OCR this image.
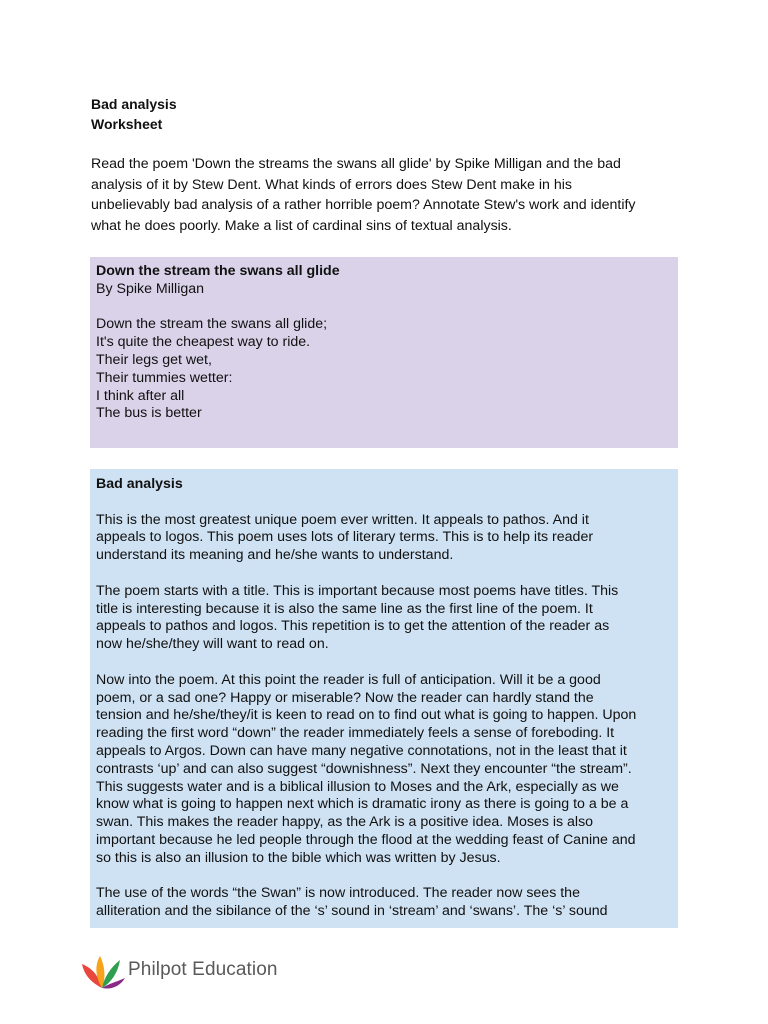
Bad analysis
Worksheet
Read the poem 'Down the streams the swans all glide' by Spike Milligan and the bad
analysis of it by Stew Dent. What kinds of errors does Stew Dent make in his
unbelievably bad analysis of a rather horrible poem? Annotate Stew's work and identify
what he does poorly. Make a list of cardinal sins of textual analysis.
Down the stream the swans all glide
By Spike Milligan
Down the stream the swans all glide;
It's quite the cheapest way to ride.
Their legs get wet,
Their tummies wetter:
I think after all
The bus is better
Bad analysis
This is the most greatest unique poem ever written. It appeals to pathos. And it
appeals to logos. This poem uses lots of literary terms. This is to help its reader
understand its meaning and he/she wants to understand.
The poem starts with a title. This is important because most poems have titles. This
title is interesting because it is also the same line as the first line of the poem. It
appeals to pathos and logos. This repetition is to get the attention of the reader as
now he/she/they will want to read on.
Now into the poem. At this point the reader is full of anticipation. Will it be a good
poem, or a sad one? Happy or miserable? Now the reader can hardly stand the
tension and he/she/they/it is keen to read on to find out what is going to happen. Upon
reading the first word “down” the reader immediately feels a sense of foreboding. It
appeals to Argos. Down can have many negative connotations, not in the least that it
contrasts ‘up’ and can also suggest “downishness”. Next they encounter “the stream”.
This suggests water and is a biblical illusion to Moses and the Ark, especially as we
know what is going to happen next which is dramatic irony as there is going to a be a
swan. This makes the reader happy, as the Ark is a positive idea. Moses is also
important because he led people through the flood at the wedding feast of Canine and
so this is also an illusion to the bible which was written by Jesus.
The use of the words “the Swan” is now introduced. The reader now sees the
alliteration and the sibilance of the ‘s’ sound in ‘stream’ and ‘swans’. The ‘s’ sound
Philpot Education
